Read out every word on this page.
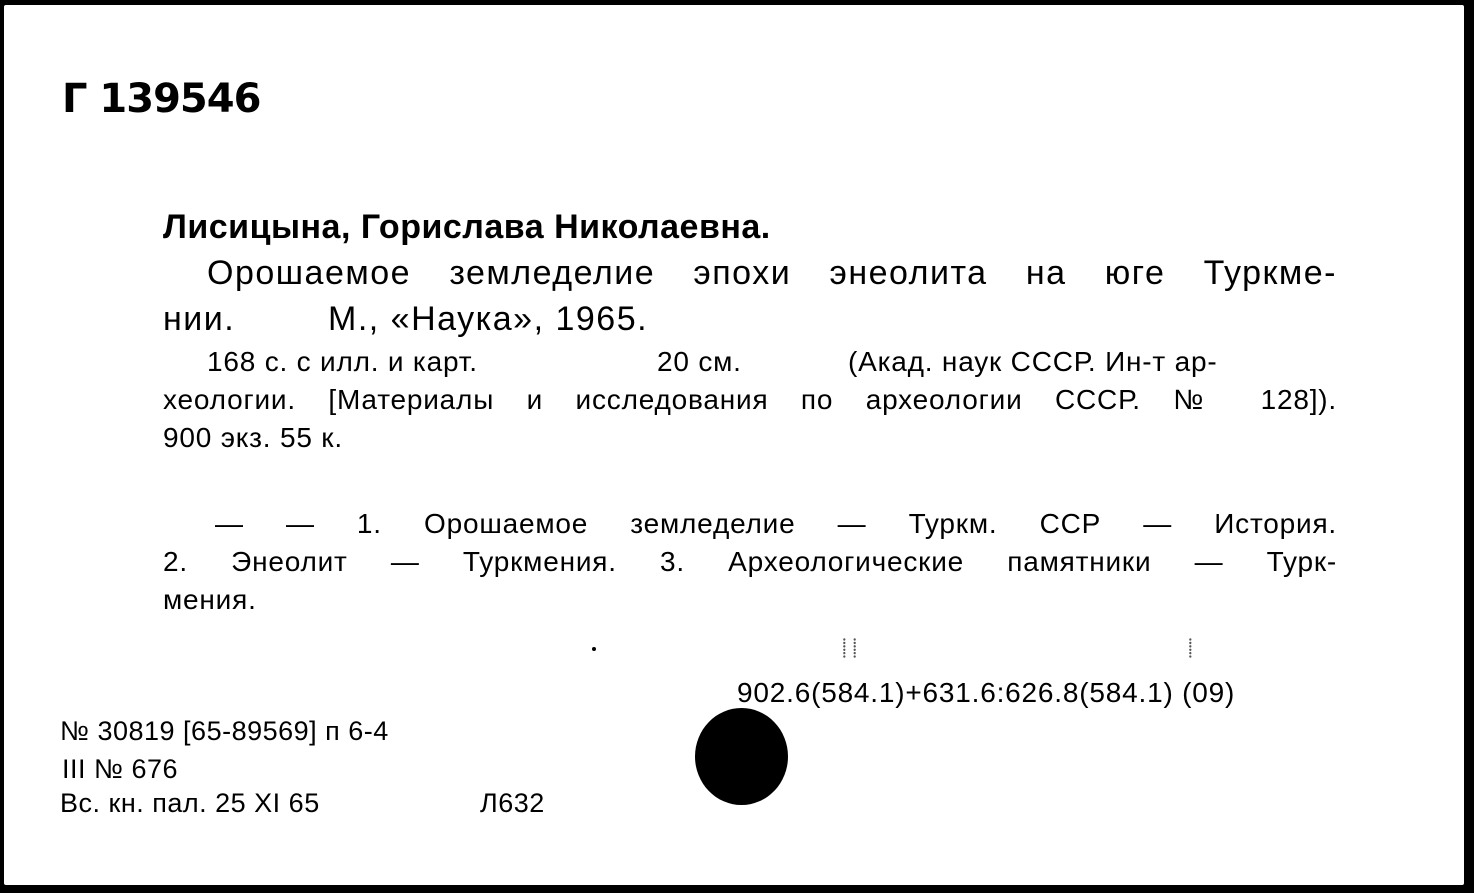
Г 139546
Лисицына, Горислава Николаевна.
Орошаемое земледелие эпохи энеолита на юге Туркме-
нии.	М., «Наука», 1965.
168 с. с илл. и карт.	20 см.	(Акад. наук СССР. Ин-т ар-
хеологии. [Материалы и исследования по археологии СССР. № 128]).
900 экз. 55 к.
— — 1. Орошаемое земледелие — Туркм. ССР — История.
2. Энеолит — Туркмения. 3. Археологические памятники — Турк-
мения.
⸽ ⸽	⸽
902.6(584.1)+631.6:626.8(584.1) (09)
№ 30819 [65-89569] п 6-4
III № 676
Вс. кн. пал. 25 XI 65	Л632
